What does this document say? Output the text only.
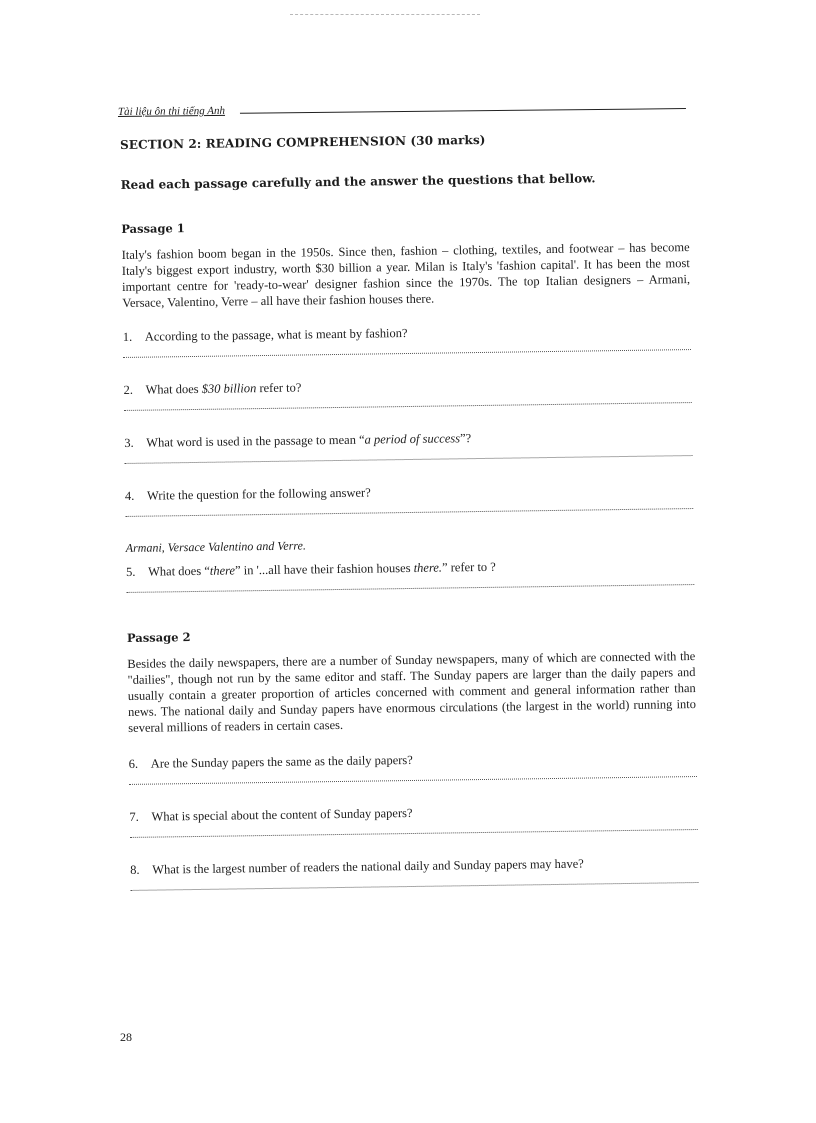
Tài liệu ôn thi tiếng Anh
SECTION 2: READING COMPREHENSION (30 marks)
Read each passage carefully and the answer the questions that bellow.
Passage 1
Italy's fashion boom began in the 1950s. Since then, fashion – clothing, textiles, and footwear – has become Italy's biggest export industry, worth $30 billion a year. Milan is Italy's 'fashion capital'. It has been the most important centre for 'ready-to-wear' designer fashion since the 1970s. The top Italian designers – Armani, Versace, Valentino, Verre – all have their fashion houses there.
1. According to the passage, what is meant by fashion?
2. What does $30 billion refer to?
3. What word is used in the passage to mean “a period of success”?
4. Write the question for the following answer?
Armani, Versace Valentino and Verre.
5. What does “there” in '...all have their fashion houses there.” refer to ?
Passage 2
Besides the daily newspapers, there are a number of Sunday newspapers, many of which are connected with the "dailies", though not run by the same editor and staff. The Sunday papers are larger than the daily papers and usually contain a greater proportion of articles concerned with comment and general information rather than news. The national daily and Sunday papers have enormous circulations (the largest in the world) running into several millions of readers in certain cases.
6. Are the Sunday papers the same as the daily papers?
7. What is special about the content of Sunday papers?
8. What is the largest number of readers the national daily and Sunday papers may have?
28
